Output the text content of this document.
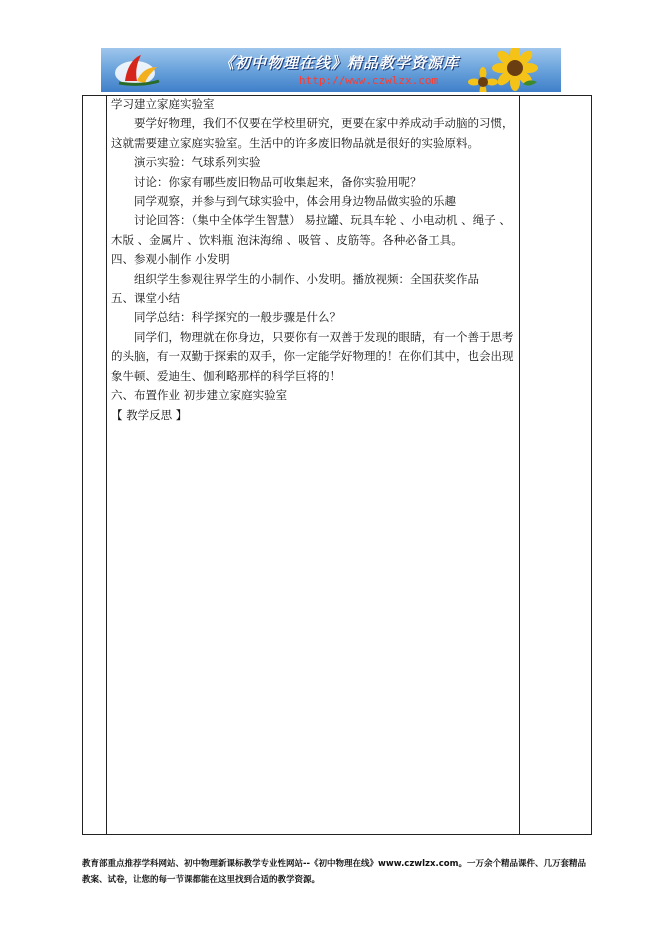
《初中物理在线》精品教学资源库
http://www.czwlzx.com

学习建立家庭实验室

要学好物理，我们不仅要在学校里研究，更要在家中养成动手动脑的习惯，这就需要建立家庭实验室。生活中的许多废旧物品就是很好的实验原料。

演示实验：气球系列实验

讨论：你家有哪些废旧物品可收集起来，备你实验用呢？

同学观察，并参与到气球实验中，体会用身边物品做实验的乐趣

讨论回答：（集中全体学生智慧） 易拉罐、玩具车轮 、小电动机 、绳子 、木版 、金属片 、饮料瓶 泡沫海绵 、吸管 、皮筋等。各种必备工具。

四、参观小制作 小发明

组织学生参观往界学生的小制作、小发明。播放视频：全国获奖作品

五、课堂小结

同学总结：科学探究的一般步骤是什么？

同学们，物理就在你身边，只要你有一双善于发现的眼睛，有一个善于思考的头脑，有一双勤于探索的双手，你一定能学好物理的！在你们其中，也会出现象牛顿、爱迪生、伽利略那样的科学巨将的！

六、布置作业 初步建立家庭实验室

【 教学反思 】

教育部重点推荐学科网站、初中物理新课标教学专业性网站--《初中物理在线》www.czwlzx.com。一万余个精品课件、几万套精品教案、试卷，让您的每一节课都能在这里找到合适的教学资源。
